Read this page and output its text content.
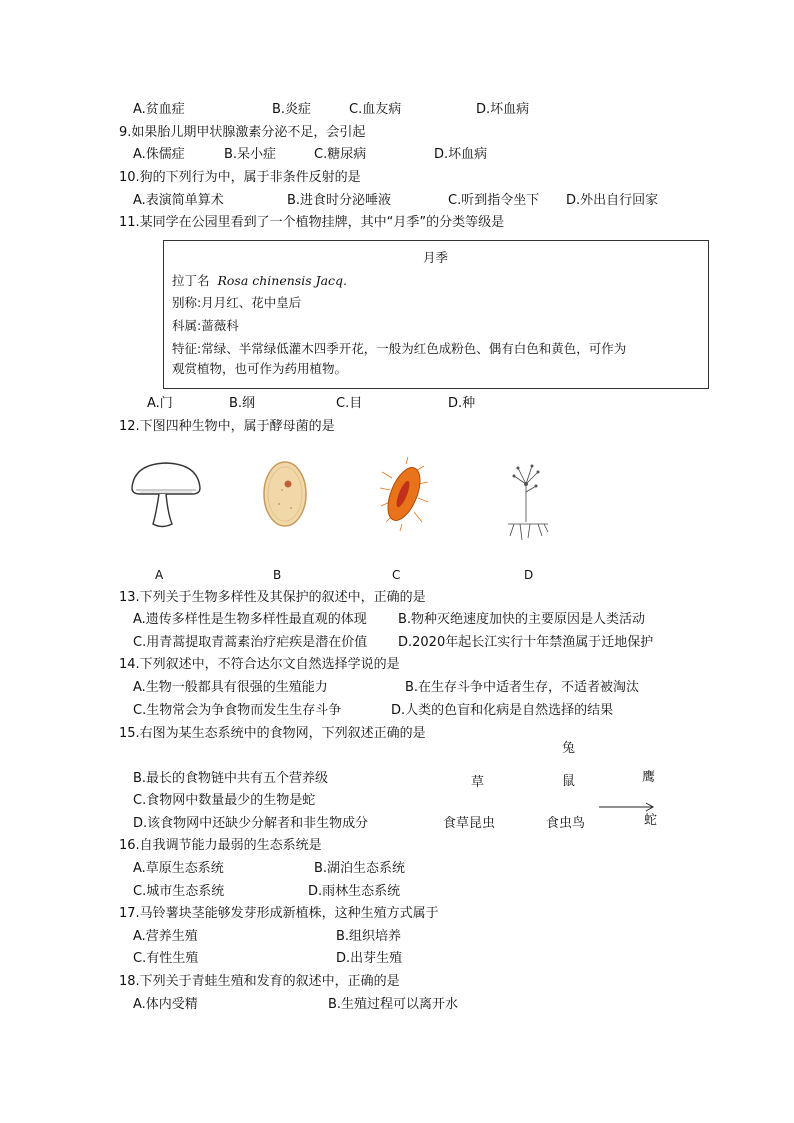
A.贫血症	B.炎症	C.血友病	D.坏血病
9.如果胎儿期甲状腺激素分泌不足，会引起
A.侏儒症	B.呆小症	C.糖尿病	D.坏血病
10.狗的下列行为中，属于非条件反射的是
A.表演简单算术	B.进食时分泌唾液	C.听到指令坐下 D.外出自行回家
11.某同学在公园里看到了一个植物挂牌，其中“月季”的分类等级是
月季
拉丁名 Rosa chinensis Jacq.
别称:月月红、花中皇后
科属:蔷薇科
特征:常绿、半常绿低灌木四季开花，一般为红色成粉色、偶有白色和黄色，可作为
观赏植物，也可作为药用植物。
A.门	B.纲	C.目	D.种
12.下图四种生物中，属于酵母菌的是
A	B	C	D
13.下列关于生物多样性及其保护的叙述中，正确的是
A.遗传多样性是生物多样性最直观的体现 B.物种灭绝速度加快的主要原因是人类活动
C.用青蒿提取青蒿素治疗疟疾是潜在价值 D.2020年起长江实行十年禁渔属于迁地保护
14.下列叙述中，不符合达尔文自然选择学说的是
A.生物一般都具有很强的生殖能力	B.在生存斗争中适者生存，不适者被淘汰
C.生物常会为争食物而发生生存斗争	D.人类的色盲和化病是自然选择的结果
15.右图为某生态系统中的食物网，下列叙述正确的是
B.最长的食物链中共有五个营养级
C.食物网中数量最少的生物是蛇
D.该食物网中还缺少分解者和非生物成分
兔
草	鼠	鹰
食草昆虫	食虫鸟	蛇
16.自我调节能力最弱的生态系统是
A.草原生态系统	B.湖泊生态系统
C.城市生态系统	D.雨林生态系统
17.马铃薯块茎能够发芽形成新植株，这种生殖方式属于
A.营养生殖	B.组织培养
C.有性生殖	D.出芽生殖
18.下列关于青蛙生殖和发育的叙述中，正确的是
A.体内受精	B.生殖过程可以离开水
